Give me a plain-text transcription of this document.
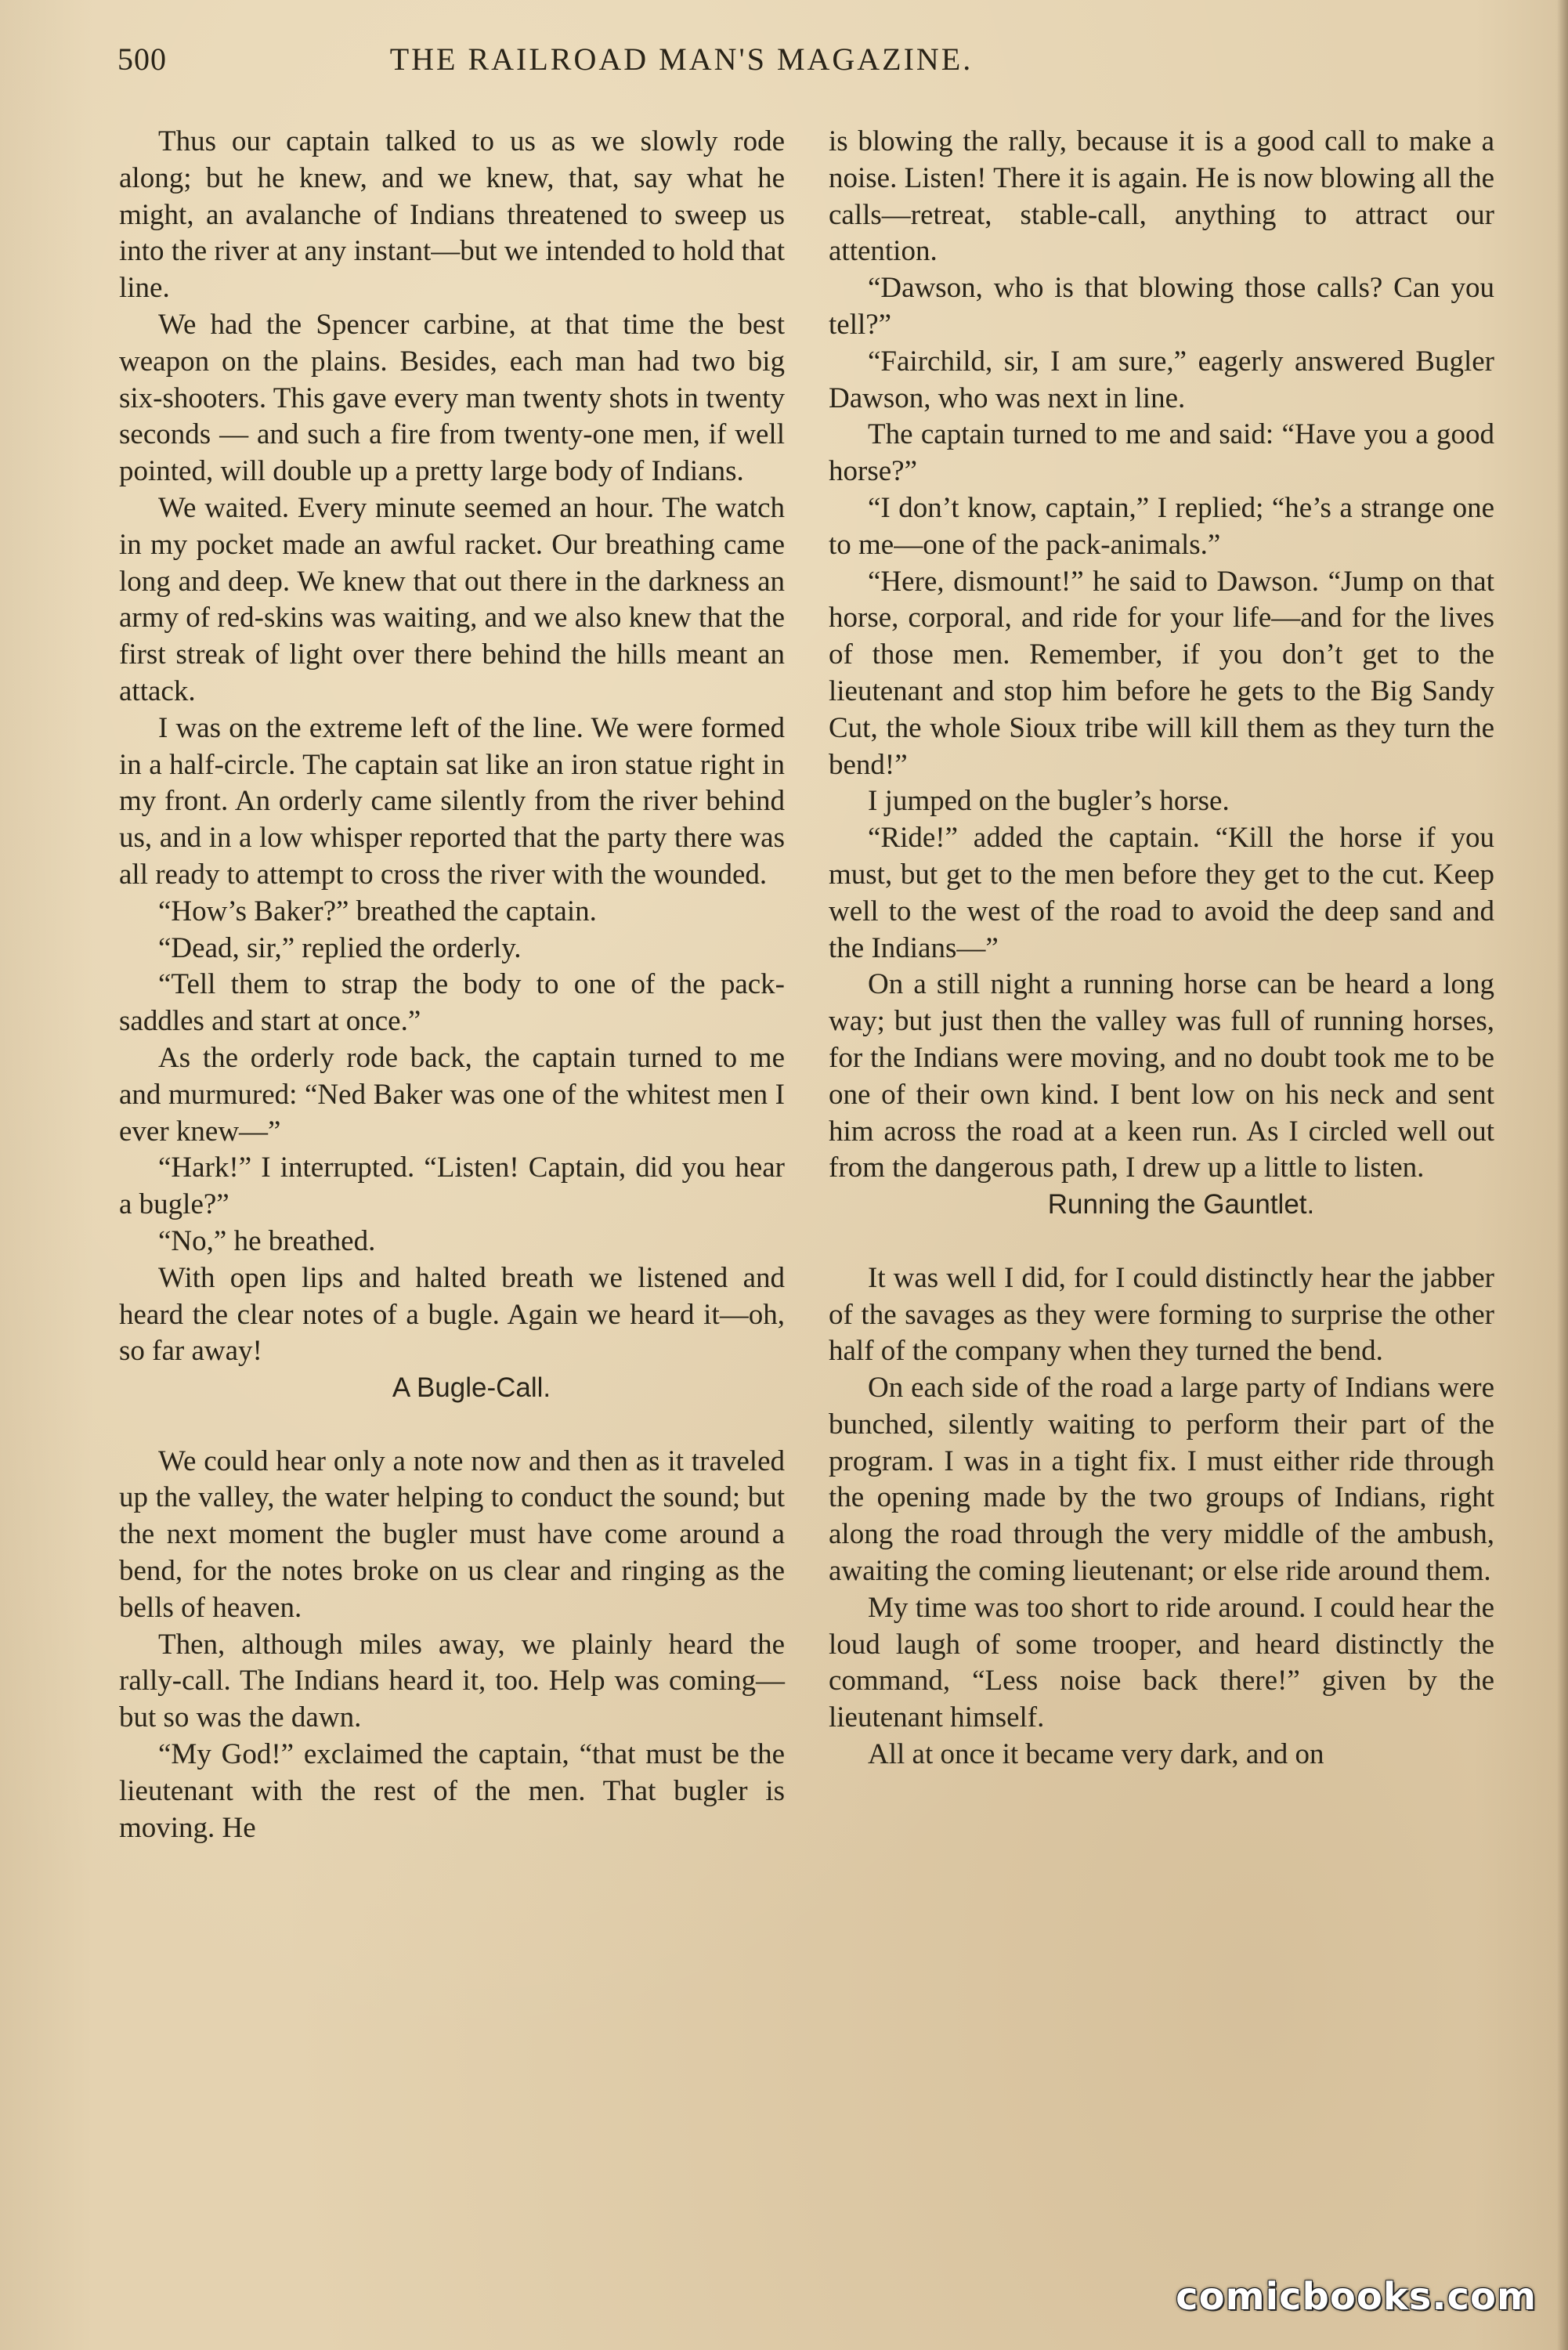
500	THE RAILROAD MAN'S MAGAZINE.

Thus our captain talked to us as we slowly rode along; but he knew, and we knew, that, say what he might, an avalanche of Indians threatened to sweep us into the river at any instant—but we intended to hold that line.

We had the Spencer carbine, at that time the best weapon on the plains. Besides, each man had two big six-shooters. This gave every man twenty shots in twenty seconds — and such a fire from twenty-one men, if well pointed, will double up a pretty large body of Indians.

We waited. Every minute seemed an hour. The watch in my pocket made an awful racket. Our breathing came long and deep. We knew that out there in the darkness an army of red-skins was waiting, and we also knew that the first streak of light over there behind the hills meant an attack.

I was on the extreme left of the line. We were formed in a half-circle. The captain sat like an iron statue right in my front. An orderly came silently from the river behind us, and in a low whisper reported that the party there was all ready to attempt to cross the river with the wounded.

“How’s Baker?” breathed the captain.

“Dead, sir,” replied the orderly.

“Tell them to strap the body to one of the pack-saddles and start at once.”

As the orderly rode back, the captain turned to me and murmured: “Ned Baker was one of the whitest men I ever knew—”

“Hark!” I interrupted. “Listen! Captain, did you hear a bugle?”

“No,” he breathed.

With open lips and halted breath we listened and heard the clear notes of a bugle. Again we heard it—oh, so far away!

A Bugle-Call.

We could hear only a note now and then as it traveled up the valley, the water helping to conduct the sound; but the next moment the bugler must have come around a bend, for the notes broke on us clear and ringing as the bells of heaven.

Then, although miles away, we plainly heard the rally-call. The Indians heard it, too. Help was coming—but so was the dawn.

“My God!” exclaimed the captain, “that must be the lieutenant with the rest of the men. That bugler is moving. He

is blowing the rally, because it is a good call to make a noise. Listen! There it is again. He is now blowing all the calls—retreat, stable-call, anything to attract our attention.

“Dawson, who is that blowing those calls? Can you tell?”

“Fairchild, sir, I am sure,” eagerly answered Bugler Dawson, who was next in line.

The captain turned to me and said: “Have you a good horse?”

“I don’t know, captain,” I replied; “he’s a strange one to me—one of the pack-animals.”

“Here, dismount!” he said to Dawson. “Jump on that horse, corporal, and ride for your life—and for the lives of those men. Remember, if you don’t get to the lieutenant and stop him before he gets to the Big Sandy Cut, the whole Sioux tribe will kill them as they turn the bend!”

I jumped on the bugler’s horse.

“Ride!” added the captain. “Kill the horse if you must, but get to the men before they get to the cut. Keep well to the west of the road to avoid the deep sand and the Indians—”

On a still night a running horse can be heard a long way; but just then the valley was full of running horses, for the Indians were moving, and no doubt took me to be one of their own kind. I bent low on his neck and sent him across the road at a keen run. As I circled well out from the dangerous path, I drew up a little to listen.

Running the Gauntlet.

It was well I did, for I could distinctly hear the jabber of the savages as they were forming to surprise the other half of the company when they turned the bend.

On each side of the road a large party of Indians were bunched, silently waiting to perform their part of the program. I was in a tight fix. I must either ride through the opening made by the two groups of Indians, right along the road through the very middle of the ambush, awaiting the coming lieutenant; or else ride around them.

My time was too short to ride around. I could hear the loud laugh of some trooper, and heard distinctly the command, “Less noise back there!” given by the lieutenant himself.

All at once it became very dark, and on

comicbooks.com
